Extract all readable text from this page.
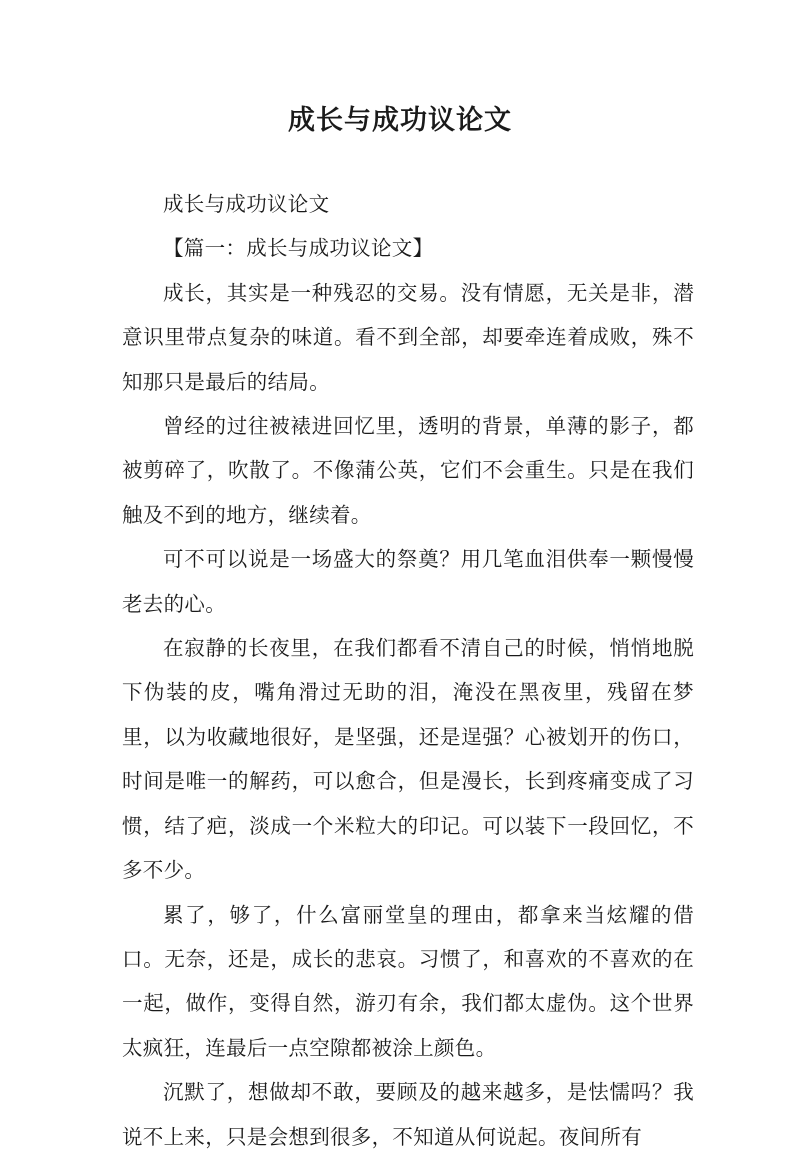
成长与成功议论文

成长与成功议论文

【篇一：成长与成功议论文】

成长，其实是一种残忍的交易。没有情愿，无关是非，潜意识里带点复杂的味道。看不到全部，却要牵连着成败，殊不知那只是最后的结局。

曾经的过往被裱进回忆里，透明的背景，单薄的影子，都被剪碎了，吹散了。不像蒲公英，它们不会重生。只是在我们触及不到的地方，继续着。

可不可以说是一场盛大的祭奠？用几笔血泪供奉一颗慢慢老去的心。

在寂静的长夜里，在我们都看不清自己的时候，悄悄地脱下伪装的皮，嘴角滑过无助的泪，淹没在黑夜里，残留在梦里，以为收藏地很好，是坚强，还是逞强？心被划开的伤口，时间是唯一的解药，可以愈合，但是漫长，长到疼痛变成了习惯，结了疤，淡成一个米粒大的印记。可以装下一段回忆，不多不少。

累了，够了，什么富丽堂皇的理由，都拿来当炫耀的借口。无奈，还是，成长的悲哀。习惯了，和喜欢的不喜欢的在一起，做作，变得自然，游刃有余，我们都太虚伪。这个世界太疯狂，连最后一点空隙都被涂上颜色。

沉默了，想做却不敢，要顾及的越来越多，是怯懦吗？我说不上来，只是会想到很多，不知道从何说起。夜间所有
